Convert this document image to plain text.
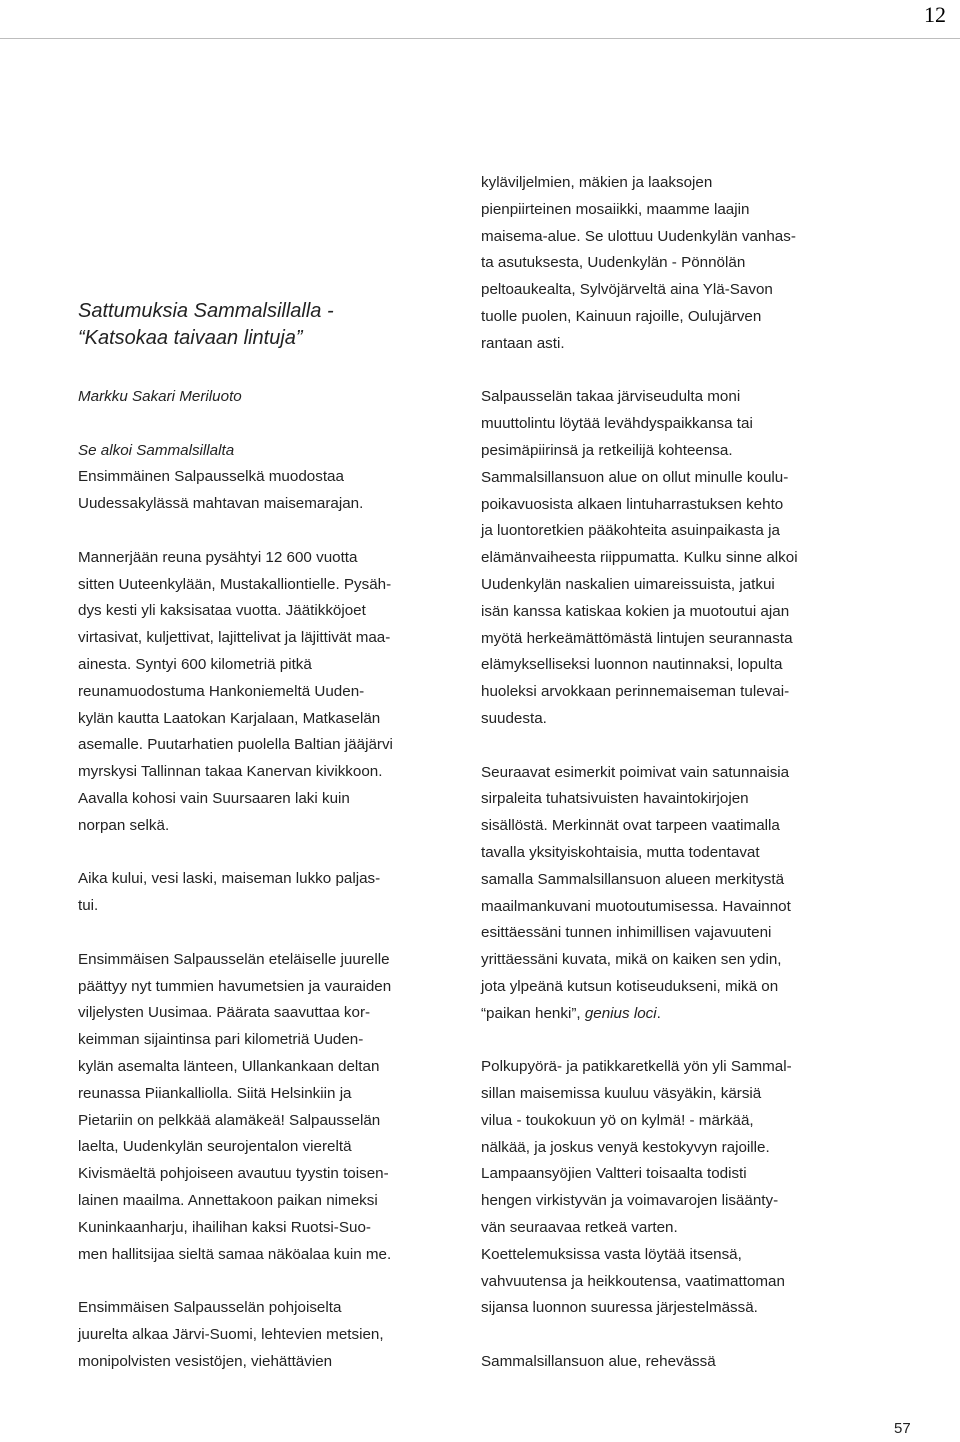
12
Sattumuksia Sammalsillalla -
“Katsokaa taivaan lintuja”

Markku Sakari Meriluoto

Se alkoi Sammalsillalta

Ensimmäinen Salpausselkä muodostaa
Uudessakylässä mahtavan maisemarajan.

Mannerjään reuna pysähtyi 12 600 vuotta
sitten Uuteenkylään, Mustakalliontielle. Pysäh-
dys kesti yli kaksisataa vuotta. Jäätikköjoet
virtasivat, kuljettivat, lajittelivat ja läjittivät maa-
ainesta. Syntyi 600 kilometriä pitkä
reunamuodostuma Hankoniemeltä Uuden-
kylän kautta Laatokan Karjalaan, Matkaselän
asemalle. Puutarhatien puolella Baltian jääjärvi
myrskysi Tallinnan takaa Kanervan kivikkoon.
Aavalla kohosi vain Suursaaren laki kuin
norpan selkä.

Aika kului, vesi laski, maiseman lukko paljas-
tui.

Ensimmäisen Salpausselän eteläiselle juurelle
päättyy nyt tummien havumetsien ja vauraiden
viljelysten Uusimaa. Päärata saavuttaa kor-
keimman sijaintinsa pari kilometriä Uuden-
kylän asemalta länteen, Ullankankaan deltan
reunassa Piiankalliolla. Siitä Helsinkiin ja
Pietariin on pelkkää alamäkeä! Salpausselän
laelta, Uudenkylän seurojentalon viereltä
Kivismäeltä pohjoiseen avautuu tyystin toisen-
lainen maailma. Annettakoon paikan nimeksi
Kuninkaanharju, ihailihan kaksi Ruotsi-Suo-
men hallitsijaa sieltä samaa näköalaa kuin me.

Ensimmäisen Salpausselän pohjoiselta
juurelta alkaa Järvi-Suomi, lehtevien metsien,
monipolvisten vesistöjen, viehättävien

kyläviljelmien, mäkien ja laaksojen
pienpiirteinen mosaiikki, maamme laajin
maisema-alue. Se ulottuu Uudenkylän vanhas-
ta asutuksesta, Uudenkylän - Pönnölän
peltoaukealta, Sylvöjärveltä aina Ylä-Savon
tuolle puolen, Kainuun rajoille, Oulujärven
rantaan asti.

Salpausselän takaa järviseudulta moni
muuttolintu löytää levähdyspaikkansa tai
pesimäpiirinsä ja retkeilijä kohteensa.
Sammalsillansuon alue on ollut minulle koulu-
poikavuosista alkaen lintuharrastuksen kehto
ja luontoretkien pääkohteita asuinpaikasta ja
elämänvaiheesta riippumatta. Kulku sinne alkoi
Uudenkylän naskalien uimareissuista, jatkui
isän kanssa katiskaa kokien ja muotoutui ajan
myötä herkeämättömästä lintujen seurannasta
elämykselliseksi luonnon nautinnaksi, lopulta
huoleksi arvokkaan perinnemaiseman tulevai-
suudesta.

Seuraavat esimerkit poimivat vain satunnaisia
sirpaleita tuhatsivuisten havaintokirjojen
sisällöstä. Merkinnät ovat tarpeen vaatimalla
tavalla yksityiskohtaisia, mutta todentavat
samalla Sammalsillansuon alueen merkitystä
maailmankuvani muotoutumisessa. Havainnot
esittäessäni tunnen inhimillisen vajavuuteni
yrittäessäni kuvata, mikä on kaiken sen ydin,
jota ylpeänä kutsun kotiseudukseni, mikä on

“paikan henki”, genius loci.

Polkupyörä- ja patikkaretkellä yön yli Sammal-
sillan maisemissa kuuluu väsyäkin, kärsiä
vilua - toukokuun yö on kylmä! - märkää,
nälkää, ja joskus venyä kestokyvyn rajoille.
Lampaansyöjien Valtteri toisaalta todisti
hengen virkistyvän ja voimavarojen lisäänty-
vän seuraavaa retkeä varten.
Koettelemuksissa vasta löytää itsensä,
vahvuutensa ja heikkoutensa, vaatimattoman
sijansa luonnon suuressa järjestelmässä.

Sammalsillansuon alue, rehevässä

57
